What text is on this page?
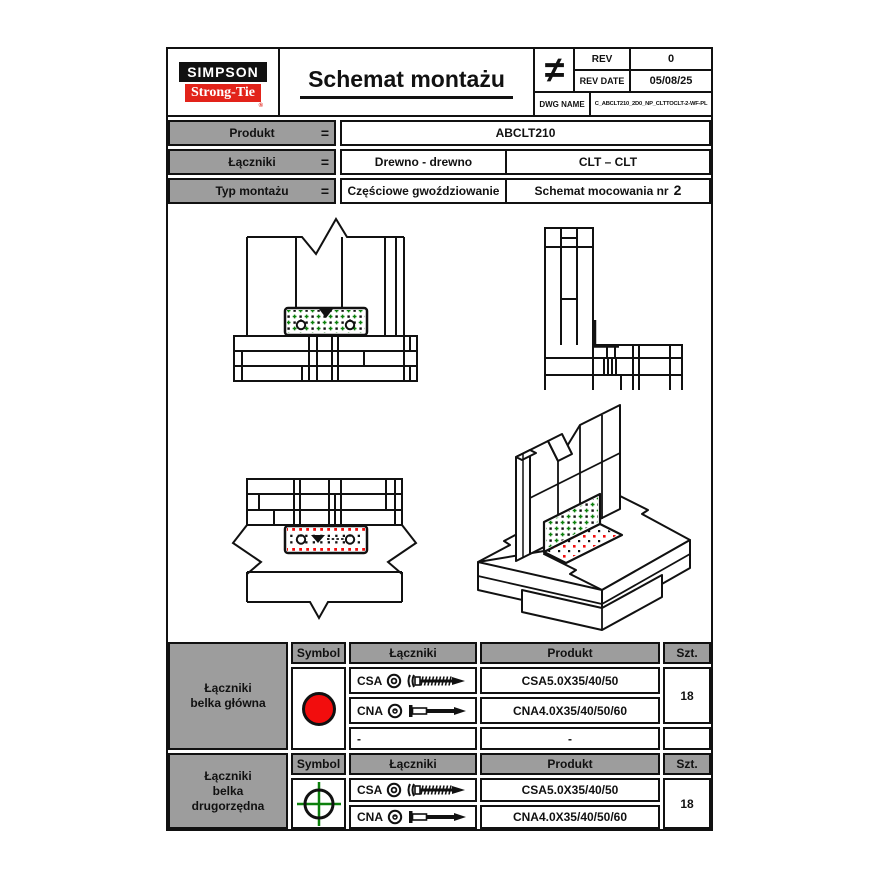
SIMPSON
Strong-Tie
®
Schemat montażu ≠	REV	0
REV DATE	05/08/25
DWG NAME	C_ABCLT210_2D0_NP_CLTTOCLT-2-WF-PL
Produkt	=	ABCLT210
Łączniki	=	Drewno - drewno	CLT – CLT
Typ montażu =	Częściowe gwoździowanie	Schemat mocowania nr 2
Łączniki
belka główna
Symbol	Łączniki	Produkt	Szt.
CSA	CSA5.0X35/40/50
CNA	CNA4.0X35/40/50/60
-	-
18
Łączniki
belka
drugorzędna
Symbol	Łączniki	Produkt	Szt.
CSA	CSA5.0X35/40/50
CNA	CNA4.0X35/40/50/60
18
